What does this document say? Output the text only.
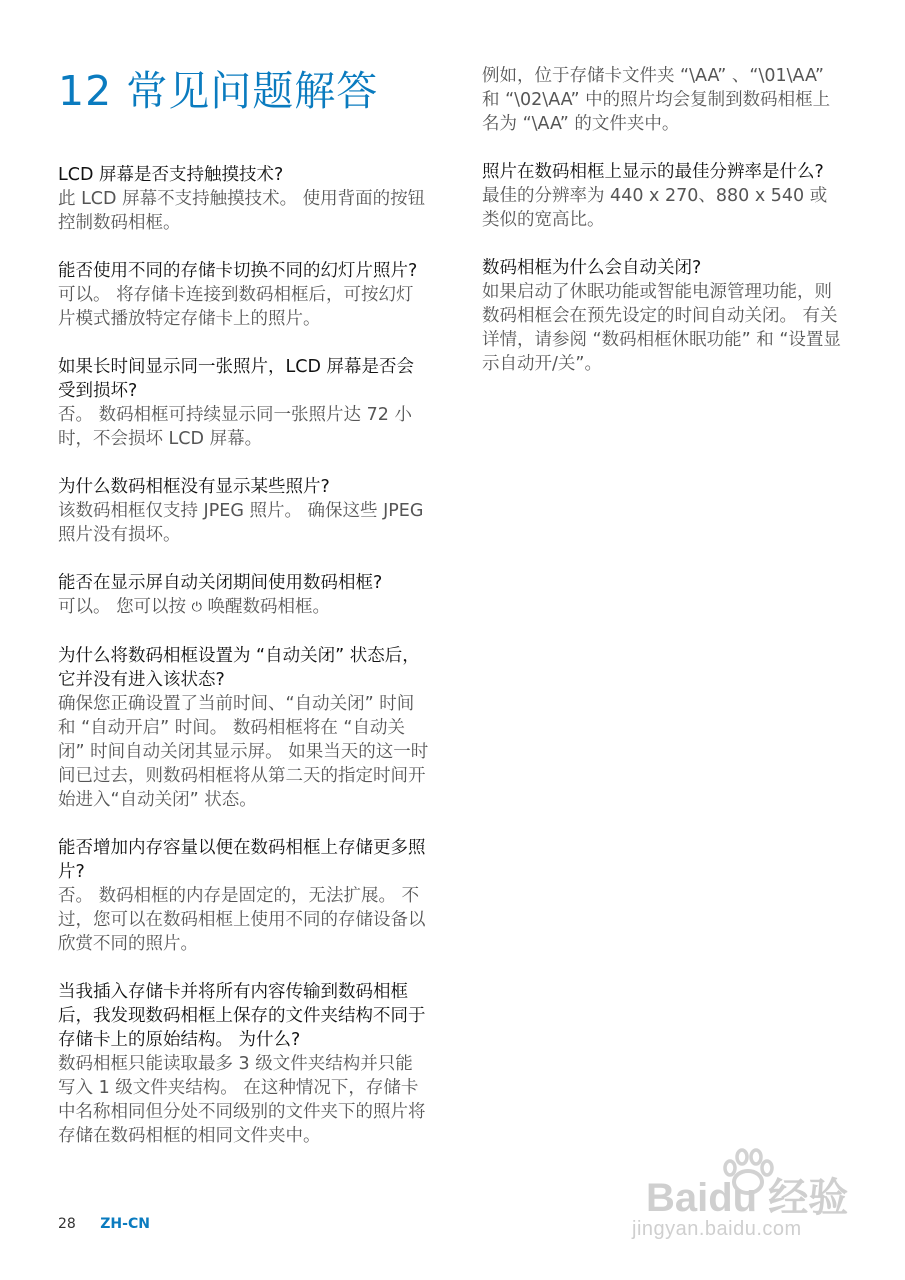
12 常见问题解答

LCD 屏幕是否支持触摸技术?

此 LCD 屏幕不支持触摸技术。 使用背面的按钮控制数码相框。

能否使用不同的存储卡切换不同的幻灯片照片?

可以。 将存储卡连接到数码相框后，可按幻灯片模式播放特定存储卡上的照片。

如果长时间显示同一张照片，LCD 屏幕是否会受到损坏?

否。 数码相框可持续显示同一张照片达 72 小时，不会损坏 LCD 屏幕。

为什么数码相框没有显示某些照片?

该数码相框仅支持 JPEG 照片。 确保这些 JPEG 照片没有损坏。

能否在显示屏自动关闭期间使用数码相框?

可以。 您可以按 ⏻ 唤醒数码相框。

为什么将数码相框设置为 “自动关闭” 状态后，它并没有进入该状态?

确保您正确设置了当前时间、“自动关闭” 时间和 “自动开启” 时间。 数码相框将在 “自动关闭” 时间自动关闭其显示屏。 如果当天的这一时间已过去，则数码相框将从第二天的指定时间开始进入“自动关闭” 状态。

能否增加内存容量以便在数码相框上存储更多照片?

否。 数码相框的内存是固定的，无法扩展。 不过，您可以在数码相框上使用不同的存储设备以欣赏不同的照片。

当我插入存储卡并将所有内容传输到数码相框后，我发现数码相框上保存的文件夹结构不同于存储卡上的原始结构。 为什么?

数码相框只能读取最多 3 级文件夹结构并只能写入 1 级文件夹结构。 在这种情况下，存储卡中名称相同但分处不同级别的文件夹下的照片将存储在数码相框的相同文件夹中。

例如，位于存储卡文件夹 “\AA” 、“\01\AA” 和 “\02\AA” 中的照片均会复制到数码相框上名为 “\AA” 的文件夹中。

照片在数码相框上显示的最佳分辨率是什么?

最佳的分辨率为 440 x 270、880 x 540 或类似的宽高比。

数码相框为什么会自动关闭?

如果启动了休眠功能或智能电源管理功能，则数码相框会在预先设定的时间自动关闭。 有关详情，请参阅 “数码相框休眠功能” 和 “设置显示自动开/关”。

28 ZH-CN
Baidu 经验
jingyan.baidu.com
